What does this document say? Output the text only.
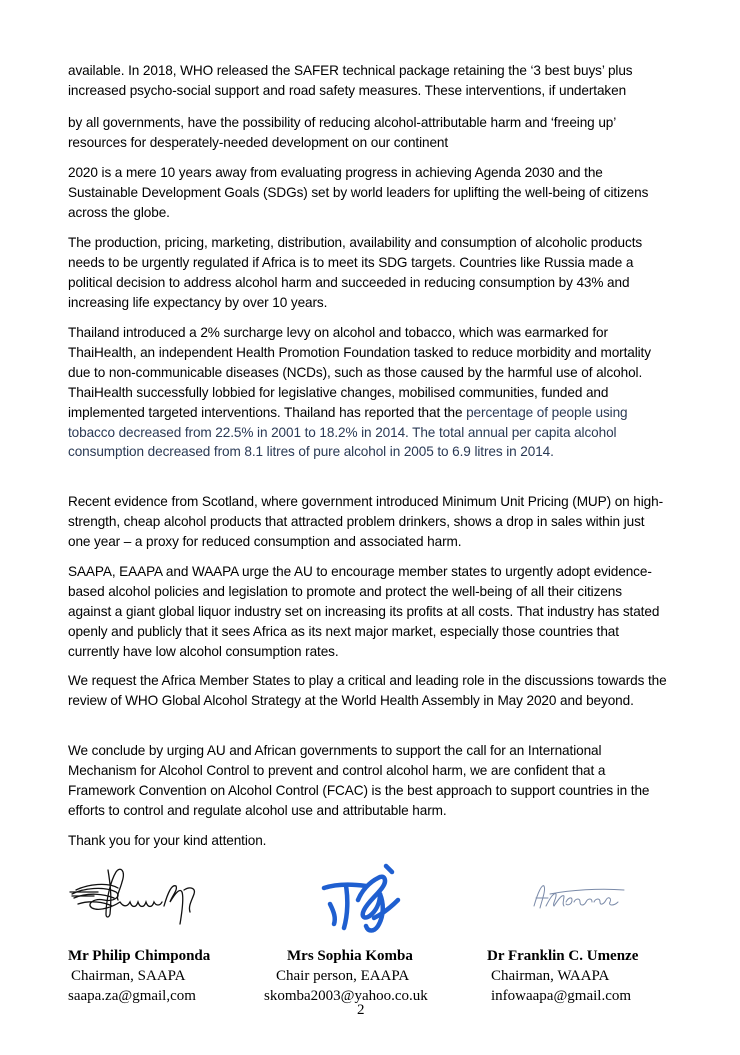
available. In 2018, WHO released the SAFER technical package retaining the ‘3 best buys’ plus increased psycho-social support and road safety measures. These interventions, if undertaken

by all governments, have the possibility of reducing alcohol-attributable harm and ‘freeing up’ resources for desperately-needed development on our continent

2020 is a mere 10 years away from evaluating progress in achieving Agenda 2030 and the Sustainable Development Goals (SDGs) set by world leaders for uplifting the well-being of citizens across the globe.

The production, pricing, marketing, distribution, availability and consumption of alcoholic products needs to be urgently regulated if Africa is to meet its SDG targets. Countries like Russia made a political decision to address alcohol harm and succeeded in reducing consumption by 43% and increasing life expectancy by over 10 years.

Thailand introduced a 2% surcharge levy on alcohol and tobacco, which was earmarked for ThaiHealth, an independent Health Promotion Foundation tasked to reduce morbidity and mortality due to non-communicable diseases (NCDs), such as those caused by the harmful use of alcohol. ThaiHealth successfully lobbied for legislative changes, mobilised communities, funded and implemented targeted interventions. Thailand has reported that the percentage of people using tobacco decreased from 22.5% in 2001 to 18.2% in 2014. The total annual per capita alcohol consumption decreased from 8.1 litres of pure alcohol in 2005 to 6.9 litres in 2014.

Recent evidence from Scotland, where government introduced Minimum Unit Pricing (MUP) on high-strength, cheap alcohol products that attracted problem drinkers, shows a drop in sales within just one year – a proxy for reduced consumption and associated harm.

SAAPA, EAAPA and WAAPA urge the AU to encourage member states to urgently adopt evidence-based alcohol policies and legislation to promote and protect the well-being of all their citizens against a giant global liquor industry set on increasing its profits at all costs. That industry has stated openly and publicly that it sees Africa as its next major market, especially those countries that currently have low alcohol consumption rates.

We request the Africa Member States to play a critical and leading role in the discussions towards the review of WHO Global Alcohol Strategy at the World Health Assembly in May 2020 and beyond.

We conclude by urging AU and African governments to support the call for an International Mechanism for Alcohol Control to prevent and control alcohol harm, we are confident that a Framework Convention on Alcohol Control (FCAC) is the best approach to support countries in the efforts to control and regulate alcohol use and attributable harm.

Thank you for your kind attention.

Mr Philip Chimponda
Chairman, SAAPA
saapa.za@gmail,com
Mrs Sophia Komba
Chair person, EAAPA
skomba2003@yahoo.co.uk
Dr Franklin C. Umenze
Chairman, WAAPA
infowaapa@gmail.com
2
